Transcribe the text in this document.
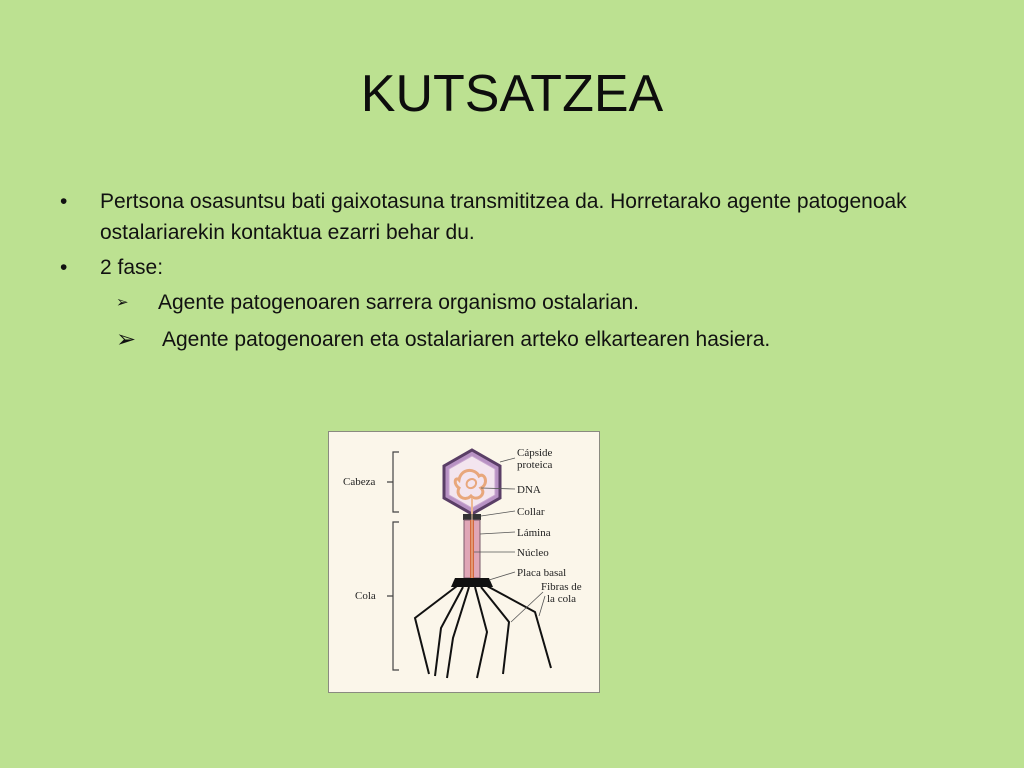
KUTSATZEA
• Pertsona osasuntsu bati gaixotasuna transmititzea da. Horretarako agente patogenoak ostalariarekin kontaktua ezarri behar du.
• 2 fase:
➢ Agente patogenoaren sarrera organismo ostalarian.
➢ Agente patogenoaren eta ostalariaren arteko elkartearen hasiera.
Cabeza
Cola
Cápside
proteica
DNA
Collar
Lámina
Núcleo
Placa basal
Fibras de
la cola
